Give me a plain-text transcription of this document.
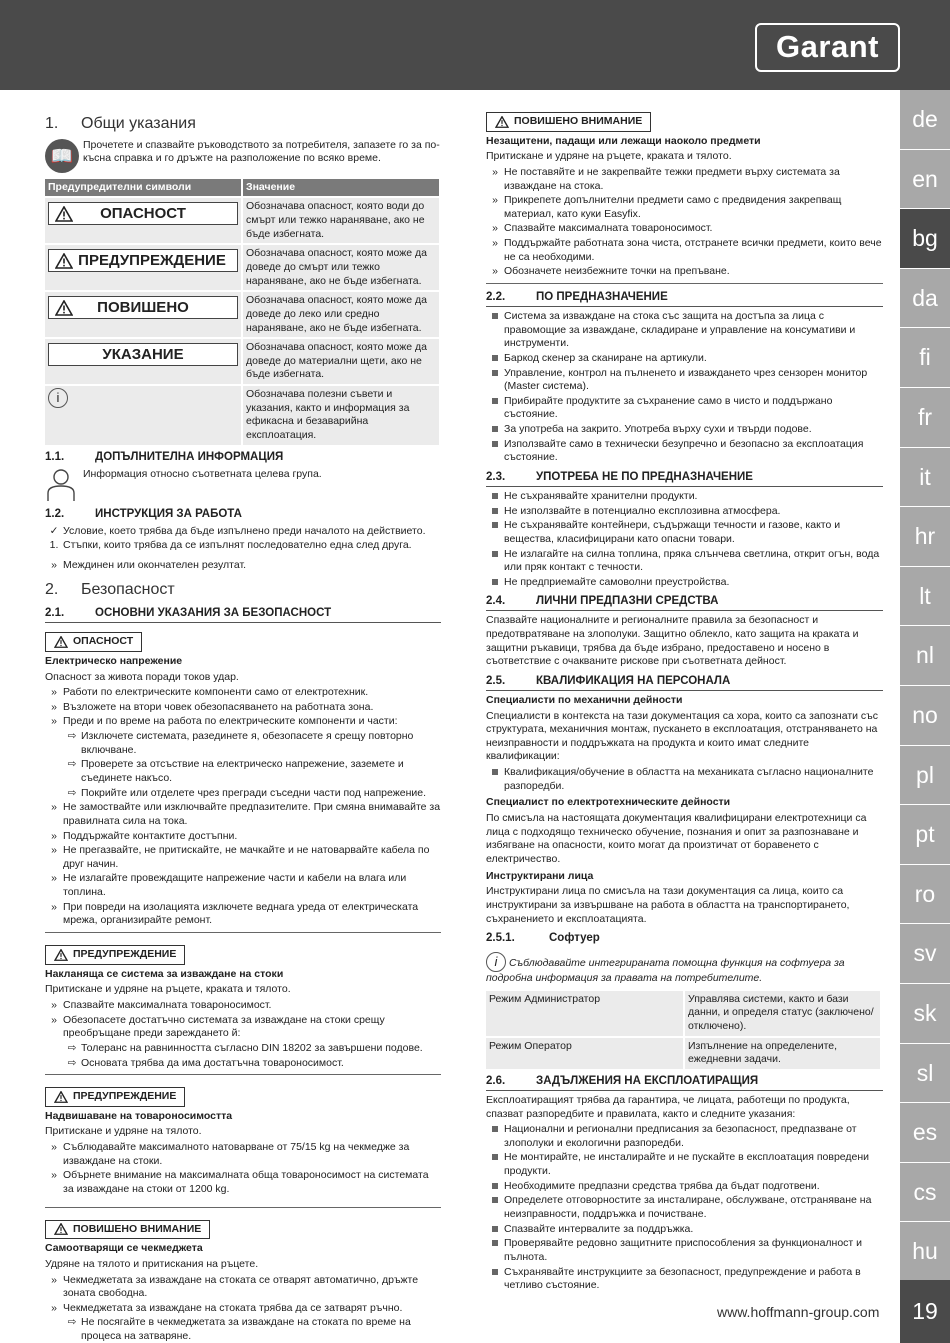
Garant
de
en
bg
da
fi
fr
it
hr
lt
nl
no
pl
pt
ro
sv
sk
sl
es
cs
hu
19
www.hoffmann-group.com
1. Общи указания
📖

Прочетете и спазвайте ръководството за потребителя, запазете го за по-късна справка и го дръжте на разположение по всяко време.

Предупредителни символи	Значение

ОПАСНОСТ	Обозначава опасност, която води до смърт или тежко нараняване, ако не бъде избегната.

ПРЕДУПРЕЖДЕНИЕ	Обозначава опасност, която може да доведе до смърт или тежко нараняване, ако не бъде избегната.

ПОВИШЕНО	Обозначава опасност, която може да доведе до леко или средно нараняване, ако не бъде избегната.

УКАЗАНИЕ	Обозначава опасност, която може да доведе до материални щети, ако не бъде избегната.
i	Обозначава полезни съвети и указания, както и информация за ефикасна и безаварийна експлоатация.
1.1.	ДОПЪЛНИТЕЛНА ИНФОРМАЦИЯ

Информация относно съответната целева група.

1.2.	ИНСТРУКЦИЯ ЗА РАБОТА
✓ Условие, което трябва да бъде изпълнено преди началото на действието.
1. Стъпки, които трябва да се изпълнят последователно една след друга.
» Междинен или окончателен резултат.
2. Безопасност
2.1.	ОСНОВНИ УКАЗАНИЯ ЗА БЕЗОПАСНОСТ
ОПАСНОСТ

Електрическо напрежение

Опасност за живота поради токов удар.

» Работи по електрическите компоненти само от електротехник.
» Възложете на втори човек обезопасяването на работната зона.
» Преди и по време на работа по електрическите компоненти и части:
⇨ Изключете системата, разединете я, обезопасете я срещу повторно включване.
⇨ Проверете за отсъствие на електрическо напрежение, заземете и съединете накъсо.
⇨ Покрийте или отделете чрез прегради съседни части под напрежение.
» Не замоствайте или изключвайте предпазителите. При смяна внимавайте за правилната сила на тока.
» Поддържайте контактите достъпни.
» Не прегазвайте, не притискайте, не мачкайте и не натоварвайте кабела по друг начин.
» Не излагайте провеждащите напрежение части и кабели на влага или топлина.
» При повреди на изолацията изключете веднага уреда от електрическата мрежа, организирайте ремонт.
ПРЕДУПРЕЖДЕНИЕ

Накланяща се система за изваждане на стоки

Притискане и удряне на ръцете, краката и тялото.

» Спазвайте максималната товароносимост.
» Обезопасете достатъчно системата за изваждане на стоки срещу преобръщане преди зареждането й:
⇨ Толеранс на равнинността съгласно DIN 18202 за завършени подове.
⇨ Основата трябва да има достатъчна товароносимост.
ПРЕДУПРЕЖДЕНИЕ

Надвишаване на товароносимостта

Притискане и удряне на тялото.

» Съблюдавайте максималното натоварване от 75/15 kg на чекмедже за изваждане на стоки.
» Обърнете внимание на максималната обща товароносимост на системата за изваждане на стоки от 1200 kg.
ПОВИШЕНО ВНИМАНИЕ

Самоотварящи се чекмеджета

Удряне на тялото и притискания на ръцете.

» Чекмеджетата за изваждане на стоката се отварят автоматично, дръжте зоната свободна.
» Чекмеджетата за изваждане на стоката трябва да се затварят ръчно.
⇨ Не посягайте в чекмеджетата за изваждане на стоката по време на процеса на затваряне.
ПОВИШЕНО ВНИМАНИЕ

Незащитени, падащи или лежащи наоколо предмети

Притискане и удряне на ръцете, краката и тялото.

» Не поставяйте и не закрепвайте тежки предмети върху системата за изваждане на стока.
» Прикрепете допълнителни предмети само с предвидения закрепващ материал, като куки Easyfix.
» Спазвайте максималната товароносимост.
» Поддържайте работната зона чиста, отстранете всички предмети, които вече не са необходими.
» Обозначете неизбежните точки на препъване.
2.2.	ПО ПРЕДНАЗНАЧЕНИЕ
Система за изваждане на стока със защита на достъпа за лица с правомощие за изваждане, складиране и управление на консумативи и инструменти.
Баркод скенер за сканиране на артикули.
Управление, контрол на пълненето и изваждането чрез сензорен монитор (Master система).
Прибирайте продуктите за съхранение само в чисто и поддържано състояние.
За употреба на закрито. Употреба върху сухи и твърди подове.
Използвайте само в технически безупречно и безопасно за експлоатация състояние.
2.3.	УПОТРЕБА НЕ ПО ПРЕДНАЗНАЧЕНИЕ
Не съхранявайте хранителни продукти.
Не използвайте в потенциално експлозивна атмосфера.
Не съхранявайте контейнери, съдържащи течности и газове, както и вещества, класифицирани като опасни товари.
Не излагайте на силна топлина, пряка слънчева светлина, открит огън, вода или пряк контакт с течности.
Не предприемайте самоволни преустройства.
2.4.	ЛИЧНИ ПРЕДПАЗНИ СРЕДСТВА

Спазвайте националните и регионалните правила за безопасност и предотвратяване на злополуки. Защитно облекло, като защита на краката и защитни ръкавици, трябва да бъде избрано, предоставено и носено в съответствие с очакваните рискове при съответната дейност.

2.5.	КВАЛИФИКАЦИЯ НА ПЕРСОНАЛА

Специалисти по механични дейности

Специалисти в контекста на тази документация са хора, които са запознати със структурата, механичния монтаж, пускането в експлоатация, отстраняването на неизправности и поддръжката на продукта и които имат следните квалификации:

Квалификация/обучение в областта на механиката съгласно националните разпоредби.

Специалист по електротехническите дейности

По смисъла на настоящата документация квалифицирани електротехници са лица с подходящо техническо обучение, познания и опит за разпознаване и избягване на опасности, които могат да произтичат от боравенето с електричество.

Инструктирани лица

Инструктирани лица по смисъла на тази документация са лица, които са инструктирани за извършване на работа в областта на транспортирането, съхранението и експлоатацията.

2.5.1.	Софтуер

i Съблюдавайте интегрираната помощна функция на софтуера за подробна информация за правата на потребителите.

Режим Администратор	Управлява системи, както и бази данни, и определя статус (заключено/отключено).
Режим Оператор	Изпълнение на определените, ежедневни задачи.
2.6.	ЗАДЪЛЖЕНИЯ НА ЕКСПЛОАТИРАЩИЯ

Експлоатиращият трябва да гарантира, че лицата, работещи по продукта, спазват разпоредбите и правилата, както и следните указания:

Национални и регионални предписания за безопасност, предпазване от злополуки и екологични разпоредби.
Не монтирайте, не инсталирайте и не пускайте в експлоатация повредени продукти.
Необходимите предпазни средства трябва да бъдат подготвени.
Определете отговорностите за инсталиране, обслужване, отстраняване на неизправности, поддръжка и почистване.
Спазвайте интервалите за поддръжка.
Проверявайте редовно защитните приспособления за функционалност и пълнота.
Съхранявайте инструкциите за безопасност, предупреждение и работа в четливо състояние.
